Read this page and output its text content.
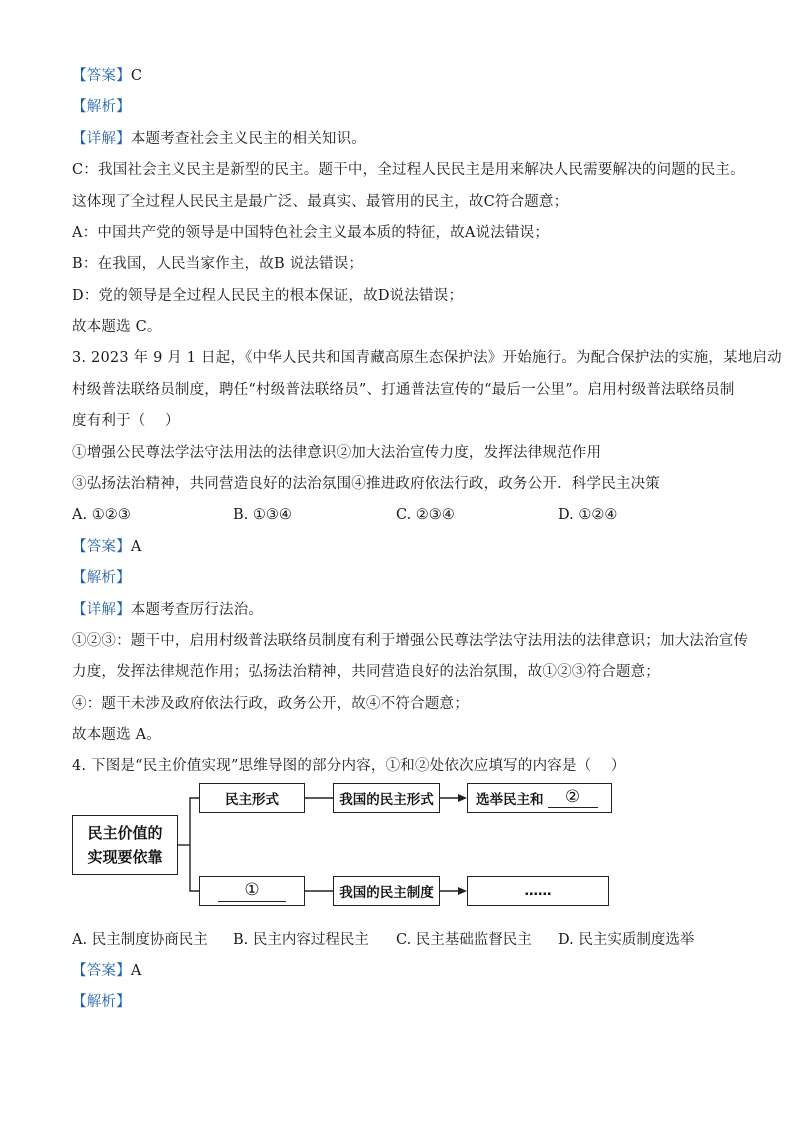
【答案】C
【解析】
【详解】本题考查社会主义民主的相关知识。
C：我国社会主义民主是新型的民主。题干中，全过程人民民主是用来解决人民需要解决的问题的民主。
这体现了全过程人民民主是最广泛、最真实、最管用的民主，故C符合题意；
A：中国共产党的领导是中国特色社会主义最本质的特征，故A说法错误；
B：在我国，人民当家作主，故B 说法错误；
D：党的领导是全过程人民民主的根本保证，故D说法错误；
故本题选 C。
3. 2023 年 9 月 1 日起，《中华人民共和国青藏高原生态保护法》开始施行。为配合保护法的实施，某地启动
村级普法联络员制度，聘任“村级普法联络员”、打通普法宣传的“最后一公里”。启用村级普法联络员制
度有利于（　 ）
①增强公民尊法学法守法用法的法律意识②加大法治宣传力度，发挥法律规范作用
③弘扬法治精神，共同营造良好的法治氛围④推进政府依法行政，政务公开．科学民主决策
A. ①②③	B. ①③④	C. ②③④	D. ①②④
【答案】A
【解析】
【详解】本题考查厉行法治。
①②③：题干中，启用村级普法联络员制度有利于增强公民尊法学法守法用法的法律意识；加大法治宣传
力度，发挥法律规范作用；弘扬法治精神，共同营造良好的法治氛围，故①②③符合题意；
④：题干未涉及政府依法行政，政务公开，故④不符合题意；
故本题选 A。
4. 下图是“民主价值实现”思维导图的部分内容，①和②处依次应填写的内容是（　 ）
民主价值的
实现要依靠
民主形式	我国的民主形式	选举民主和	②
①	我国的民主制度	……
A. 民主制度协商民主 B. 民主内容过程民主 C. 民主基础监督民主 D. 民主实质制度选举
【答案】A
【解析】
